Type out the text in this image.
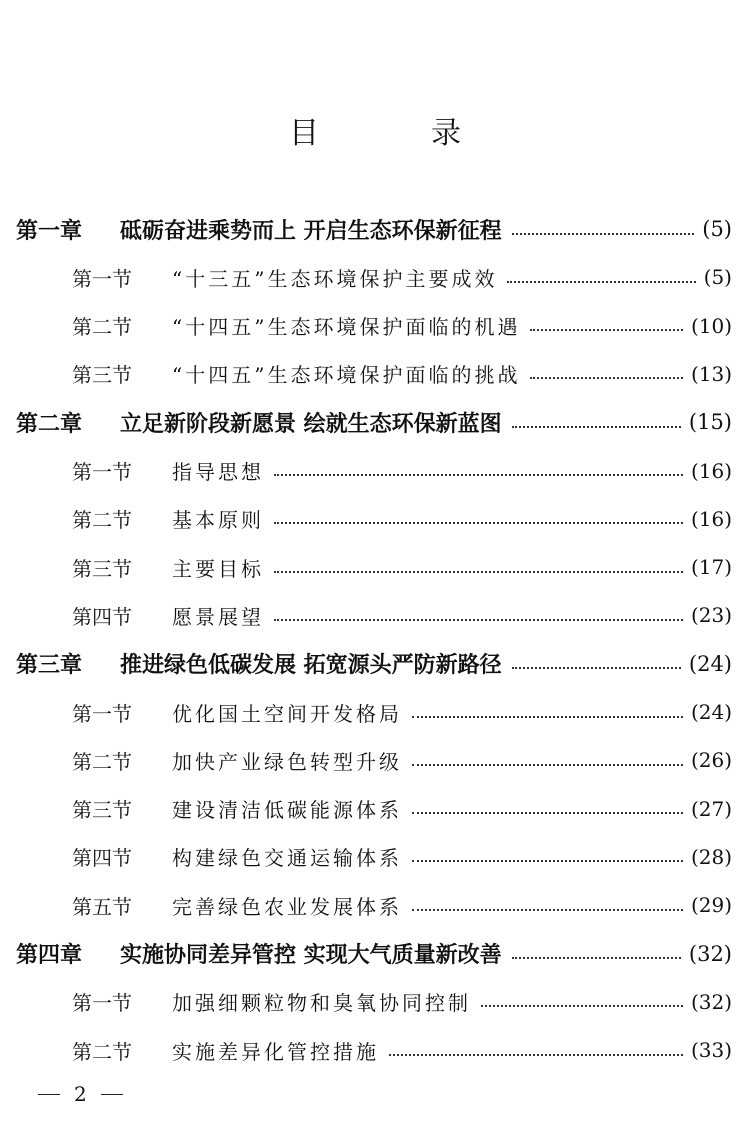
目	录
第一章	砥砺奋进乘势而上 开启生态环保新征程	(5)
第一节	“十三五”生态环境保护主要成效	(5)
第二节	“十四五”生态环境保护面临的机遇	(10)
第三节	“十四五”生态环境保护面临的挑战	(13)
第二章	立足新阶段新愿景 绘就生态环保新蓝图	(15)
第一节	指导思想	(16)
第二节	基本原则	(16)
第三节	主要目标	(17)
第四节	愿景展望	(23)
第三章	推进绿色低碳发展 拓宽源头严防新路径	(24)
第一节	优化国土空间开发格局	(24)
第二节	加快产业绿色转型升级	(26)
第三节	建设清洁低碳能源体系	(27)
第四节	构建绿色交通运输体系	(28)
第五节	完善绿色农业发展体系	(29)
第四章	实施协同差异管控 实现大气质量新改善	(32)
第一节	加强细颗粒物和臭氧协同控制	(32)
第二节	实施差异化管控措施	(33)
2
